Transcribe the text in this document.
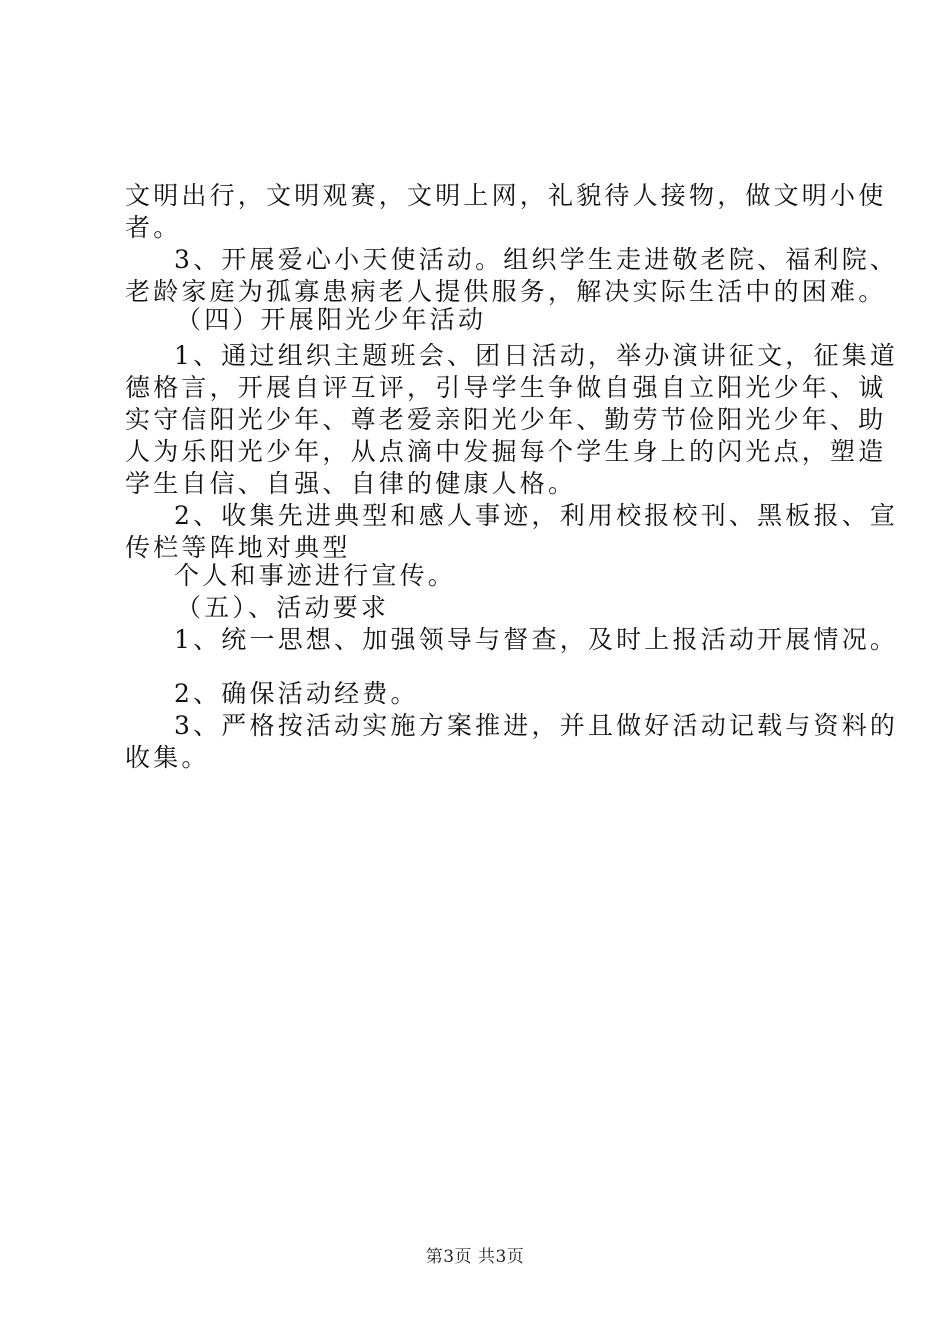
文明出行，文明观赛，文明上网，礼貌待人接物，做文明小使
者。
3、开展爱心小天使活动。组织学生走进敬老院、福利院、
老龄家庭为孤寡患病老人提供服务，解决实际生活中的困难。
（四）开展阳光少年活动
1、通过组织主题班会、团日活动，举办演讲征文，征集道
德格言，开展自评互评，引导学生争做自强自立阳光少年、诚
实守信阳光少年、尊老爱亲阳光少年、勤劳节俭阳光少年、助
人为乐阳光少年，从点滴中发掘每个学生身上的闪光点，塑造
学生自信、自强、自律的健康人格。
2、收集先进典型和感人事迹，利用校报校刊、黑板报、宣
传栏等阵地对典型
个人和事迹进行宣传。
（五）、活动要求
1、统一思想、加强领导与督查，及时上报活动开展情况。
2、确保活动经费。
3、严格按活动实施方案推进，并且做好活动记载与资料的
收集。
第3页 共3页
